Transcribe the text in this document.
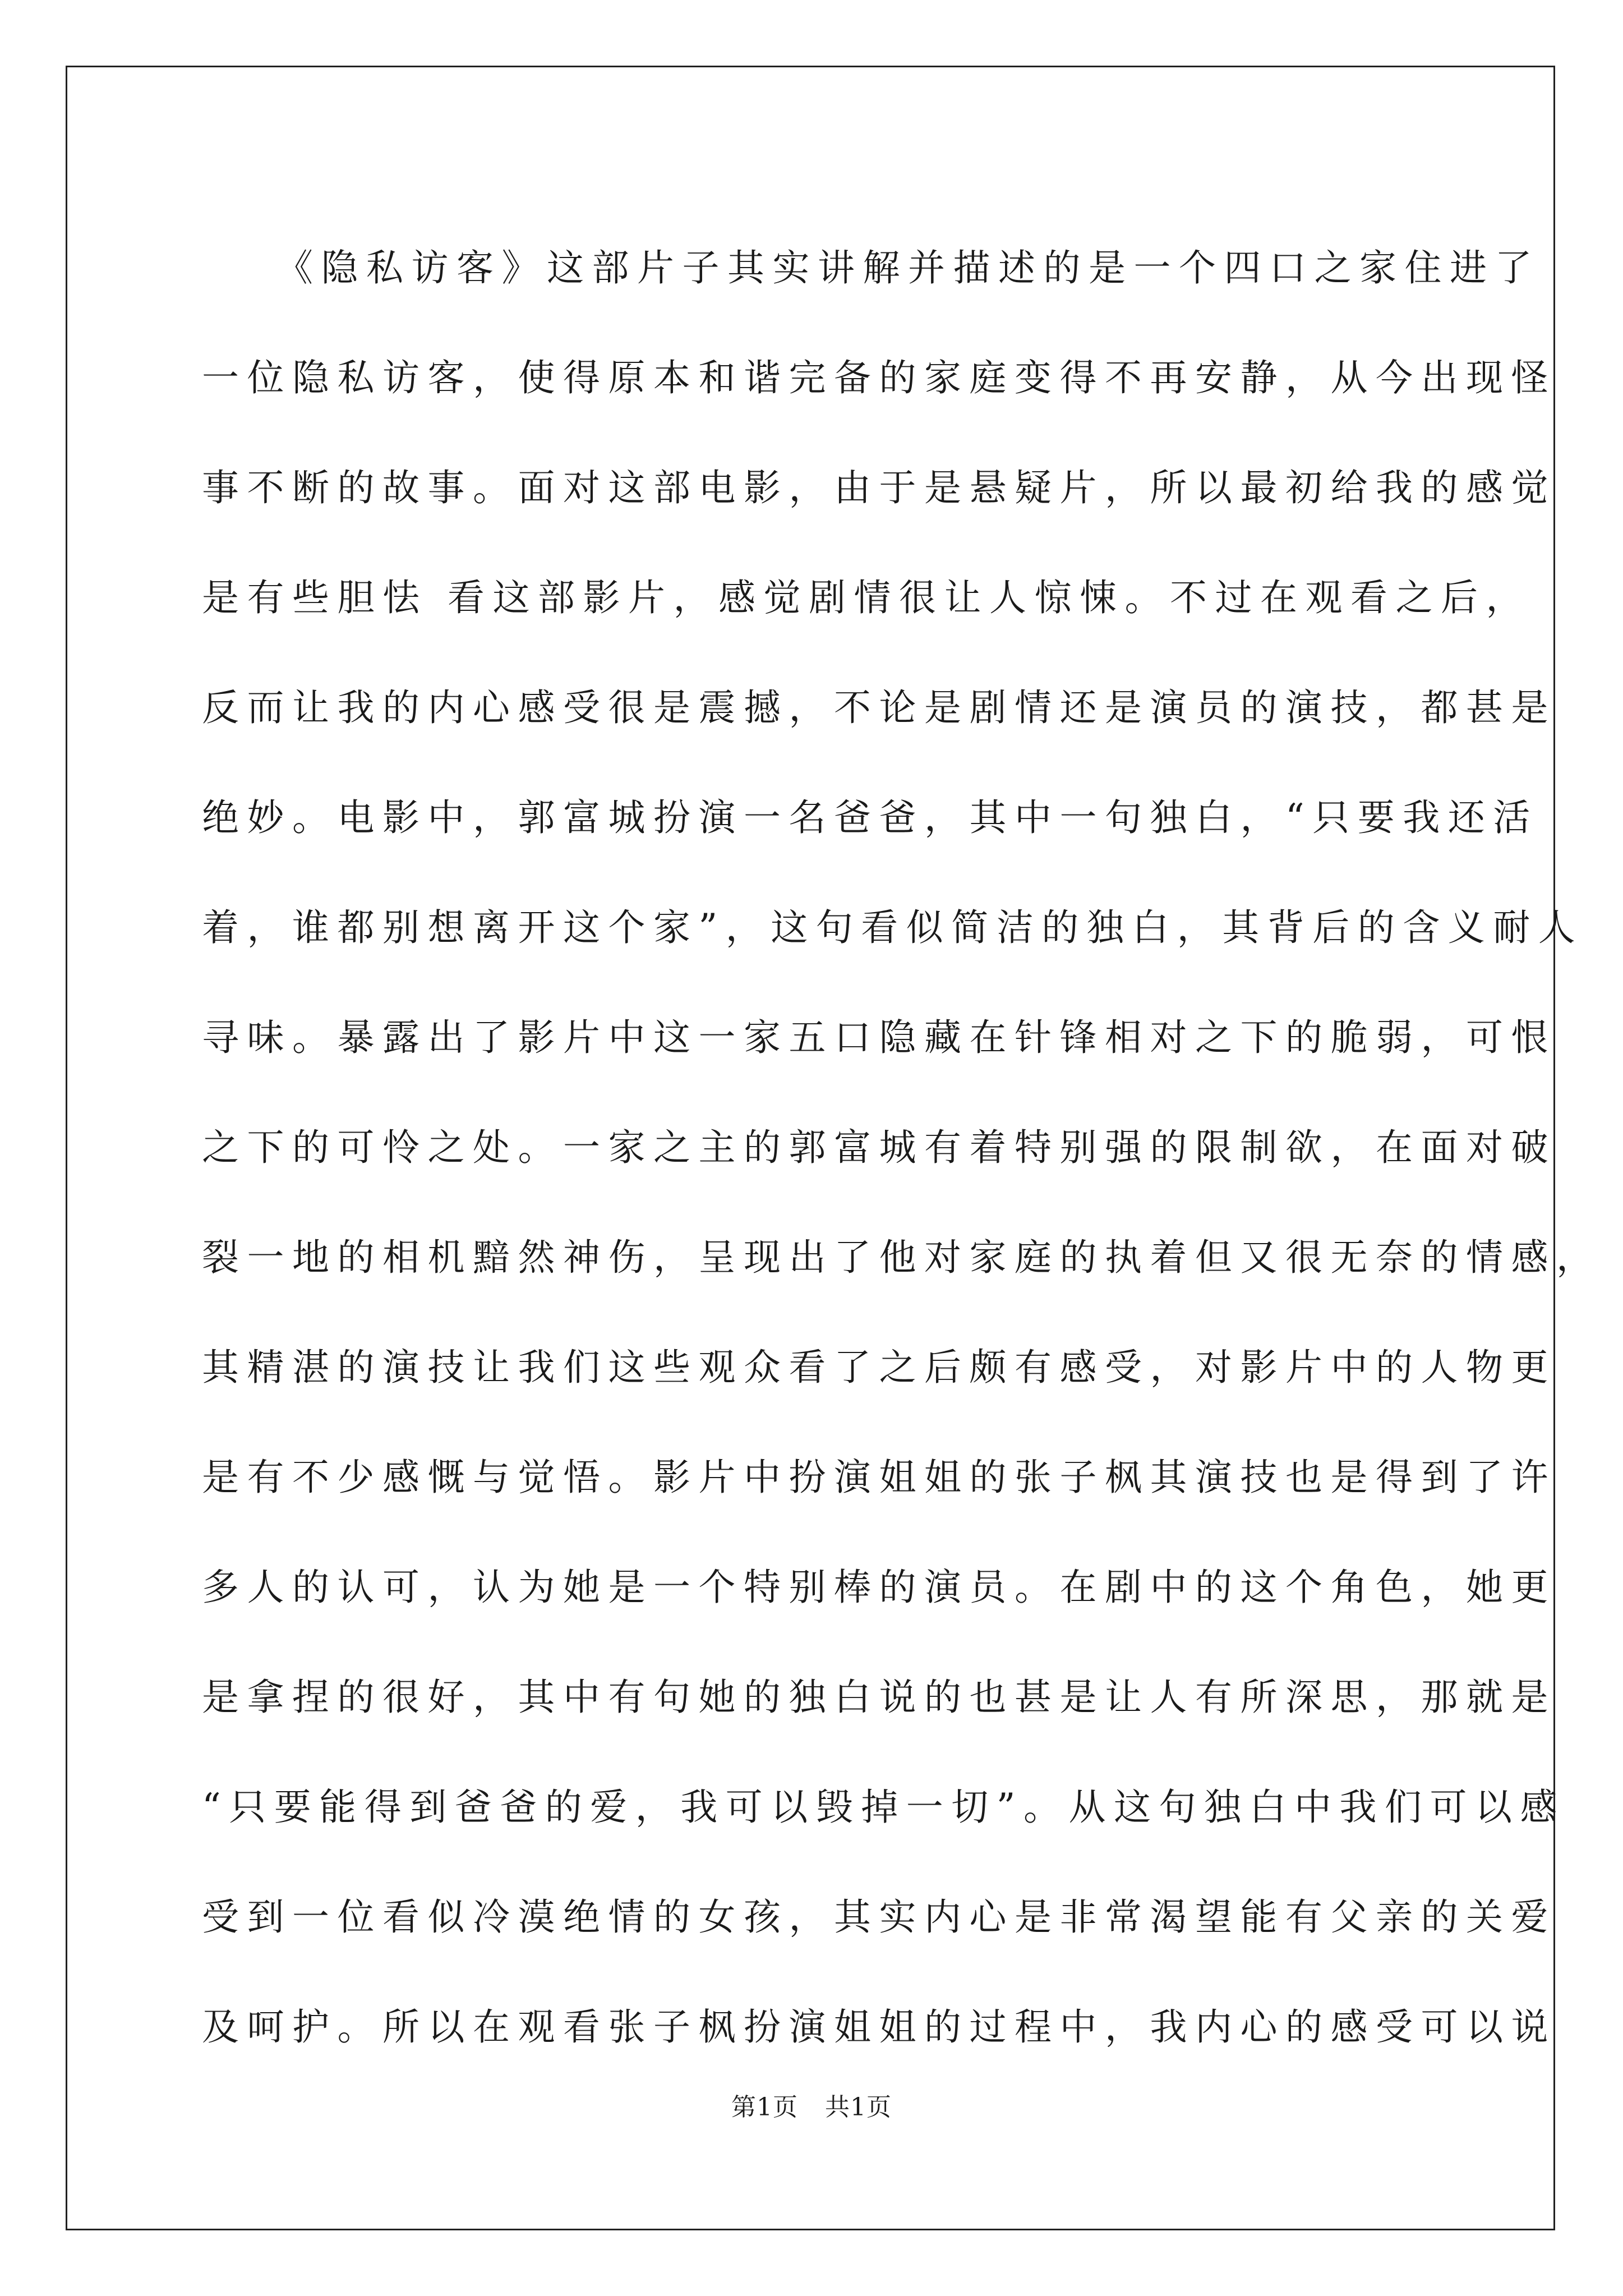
《隐私访客》这部片子其实讲解并描述的是一个四口之家住进了
一位隐私访客，使得原本和谐完备的家庭变得不再安静，从今出现怪
事不断的故事。面对这部电影，由于是悬疑片，所以最初给我的感觉
是有些胆怯 看这部影片，感觉剧情很让人惊悚。不过在观看之后，
反而让我的内心感受很是震撼，不论是剧情还是演员的演技，都甚是
绝妙。电影中，郭富城扮演一名爸爸，其中一句独白，“只要我还活
着，谁都别想离开这个家”，这句看似简洁的独白，其背后的含义耐人
寻味。暴露出了影片中这一家五口隐藏在针锋相对之下的脆弱，可恨
之下的可怜之处。一家之主的郭富城有着特别强的限制欲，在面对破
裂一地的相机黯然神伤，呈现出了他对家庭的执着但又很无奈的情感，
其精湛的演技让我们这些观众看了之后颇有感受，对影片中的人物更
是有不少感慨与觉悟。影片中扮演姐姐的张子枫其演技也是得到了许
多人的认可，认为她是一个特别棒的演员。在剧中的这个角色，她更
是拿捏的很好，其中有句她的独白说的也甚是让人有所深思，那就是
“只要能得到爸爸的爱，我可以毁掉一切”。从这句独白中我们可以感
受到一位看似冷漠绝情的女孩，其实内心是非常渴望能有父亲的关爱
及呵护。所以在观看张子枫扮演姐姐的过程中，我内心的感受可以说
第1页 共1页
